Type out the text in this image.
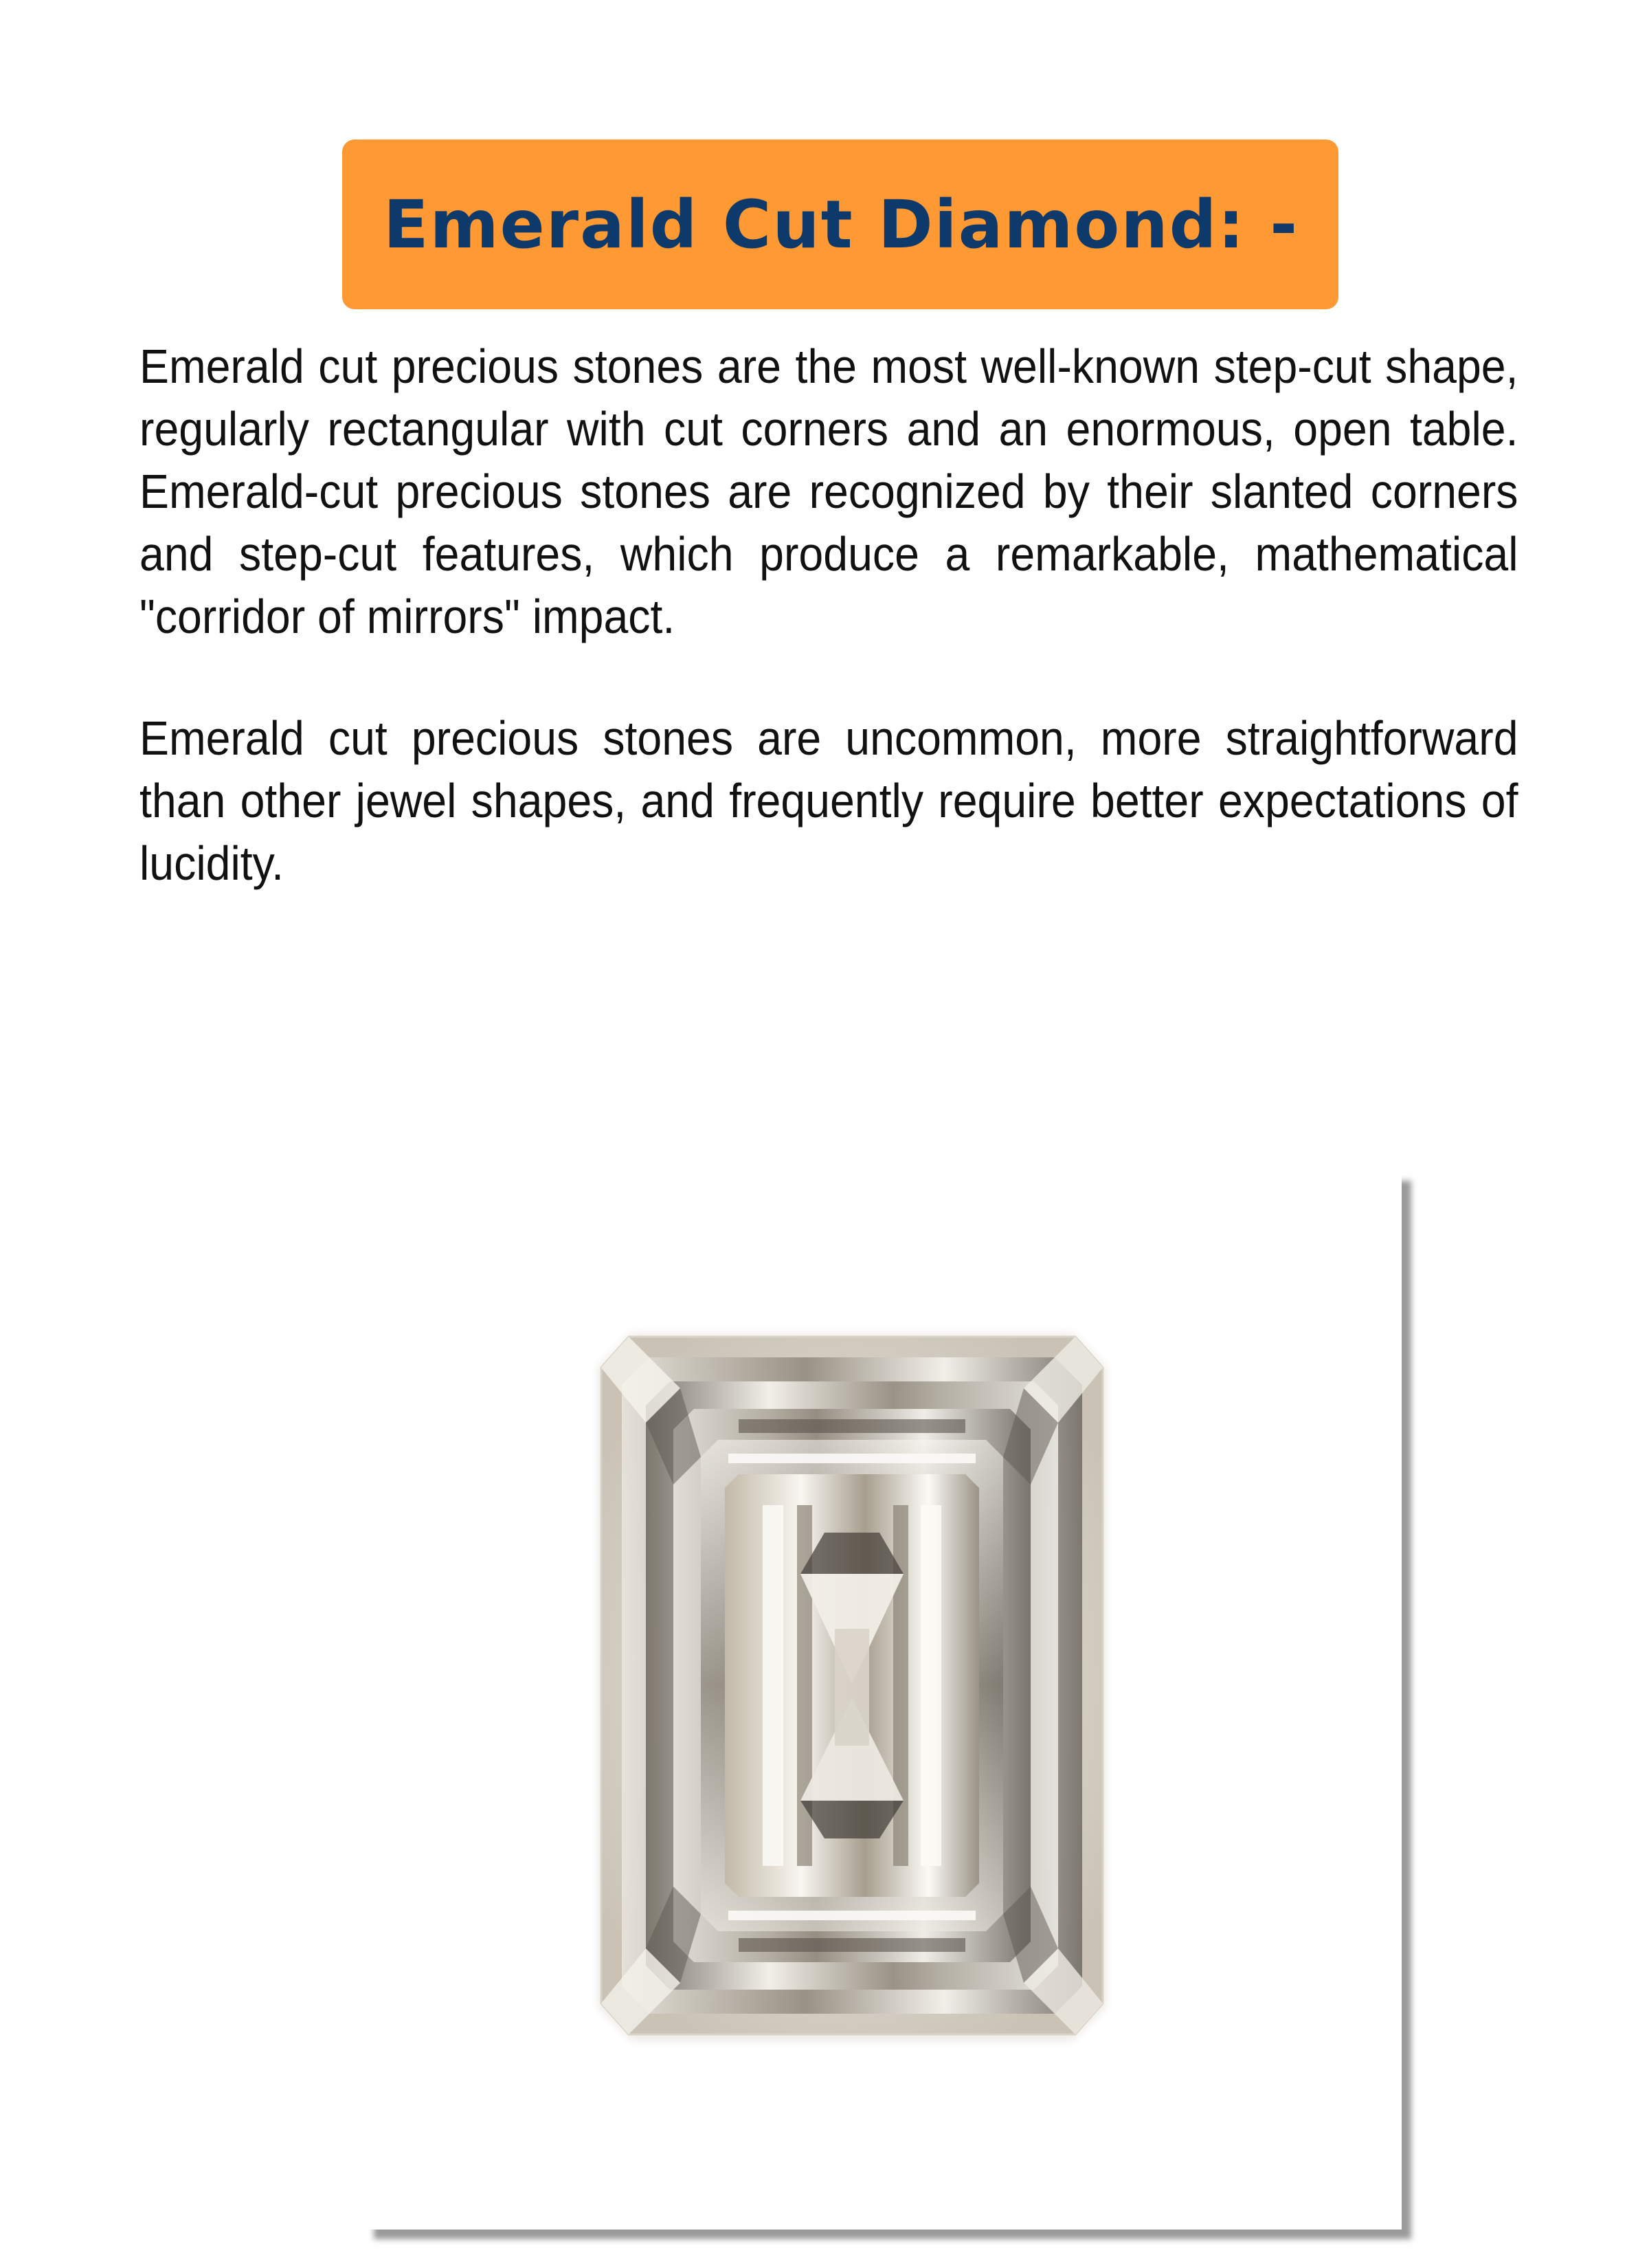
Emerald Cut Diamond: -

Emerald cut precious stones are the most well-known step-cut shape, regularly rectangular with cut corners and an enormous, open table. Emerald-cut precious stones are recognized by their slanted corners and step-cut features, which produce a remarkable, mathematical "corridor of mirrors" impact.

Emerald cut precious stones are uncommon, more straightforward than other jewel shapes, and frequently require better expectations of lucidity.
